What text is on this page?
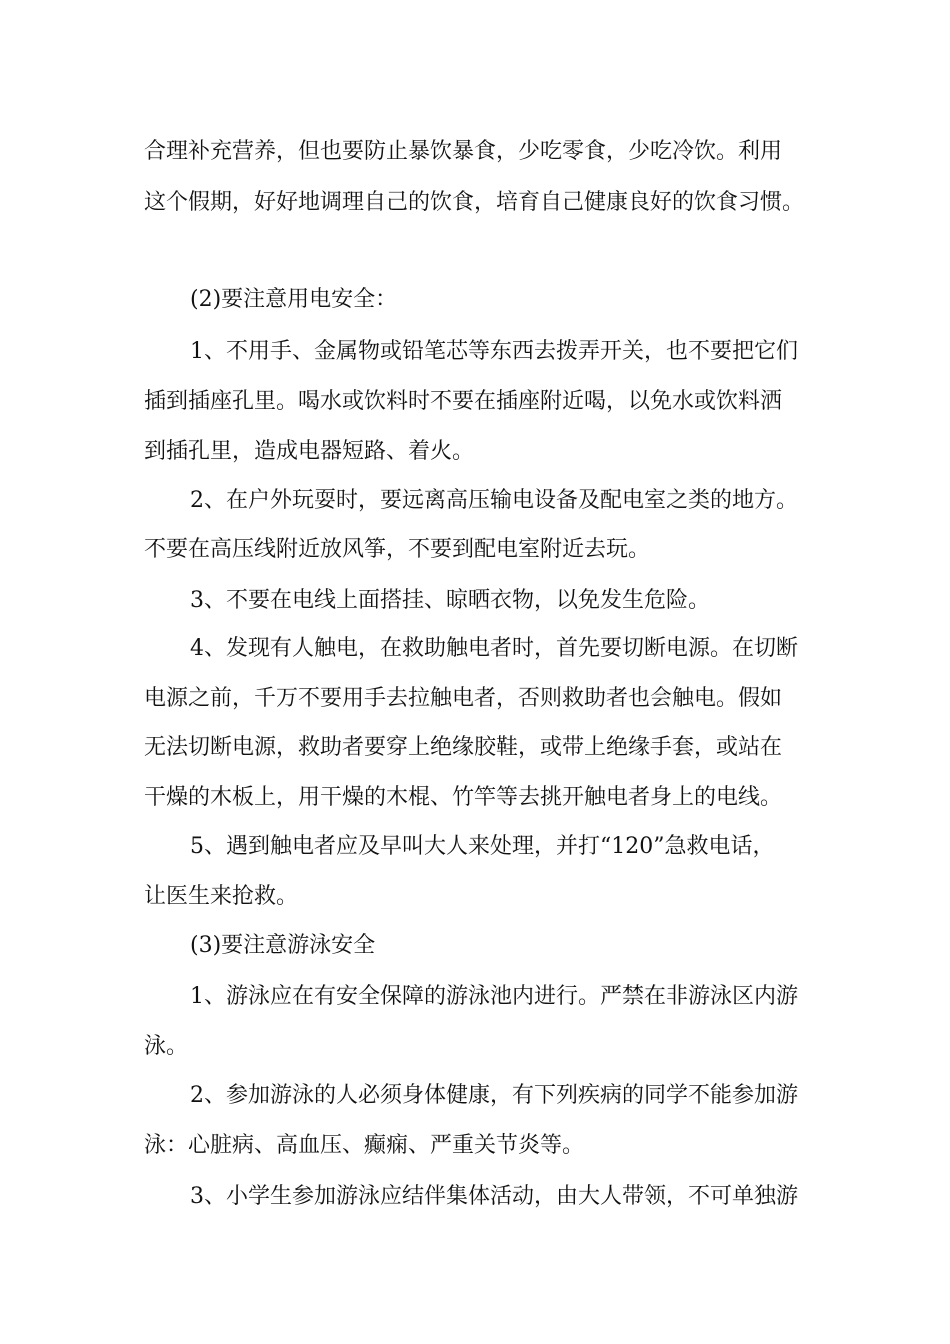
合理补充营养，但也要防止暴饮暴食，少吃零食，少吃冷饮。利用
这个假期，好好地调理自己的饮食，培育自己健康良好的饮食习惯。
(2)要注意用电安全：
1、不用手、金属物或铅笔芯等东西去拨弄开关，也不要把它们
插到插座孔里。喝水或饮料时不要在插座附近喝，以免水或饮料洒
到插孔里，造成电器短路、着火。
2、在户外玩耍时，要远离高压输电设备及配电室之类的地方。
不要在高压线附近放风筝，不要到配电室附近去玩。
3、不要在电线上面搭挂、晾晒衣物，以免发生危险。
4、发现有人触电，在救助触电者时，首先要切断电源。在切断
电源之前，千万不要用手去拉触电者，否则救助者也会触电。假如
无法切断电源，救助者要穿上绝缘胶鞋，或带上绝缘手套，或站在
干燥的木板上，用干燥的木棍、竹竿等去挑开触电者身上的电线。
5、遇到触电者应及早叫大人来处理，并打“120”急救电话，
让医生来抢救。
(3)要注意游泳安全
1、游泳应在有安全保障的游泳池内进行。严禁在非游泳区内游
泳。
2、参加游泳的人必须身体健康，有下列疾病的同学不能参加游
泳：心脏病、高血压、癫痫、严重关节炎等。
3、小学生参加游泳应结伴集体活动，由大人带领，不可单独游
